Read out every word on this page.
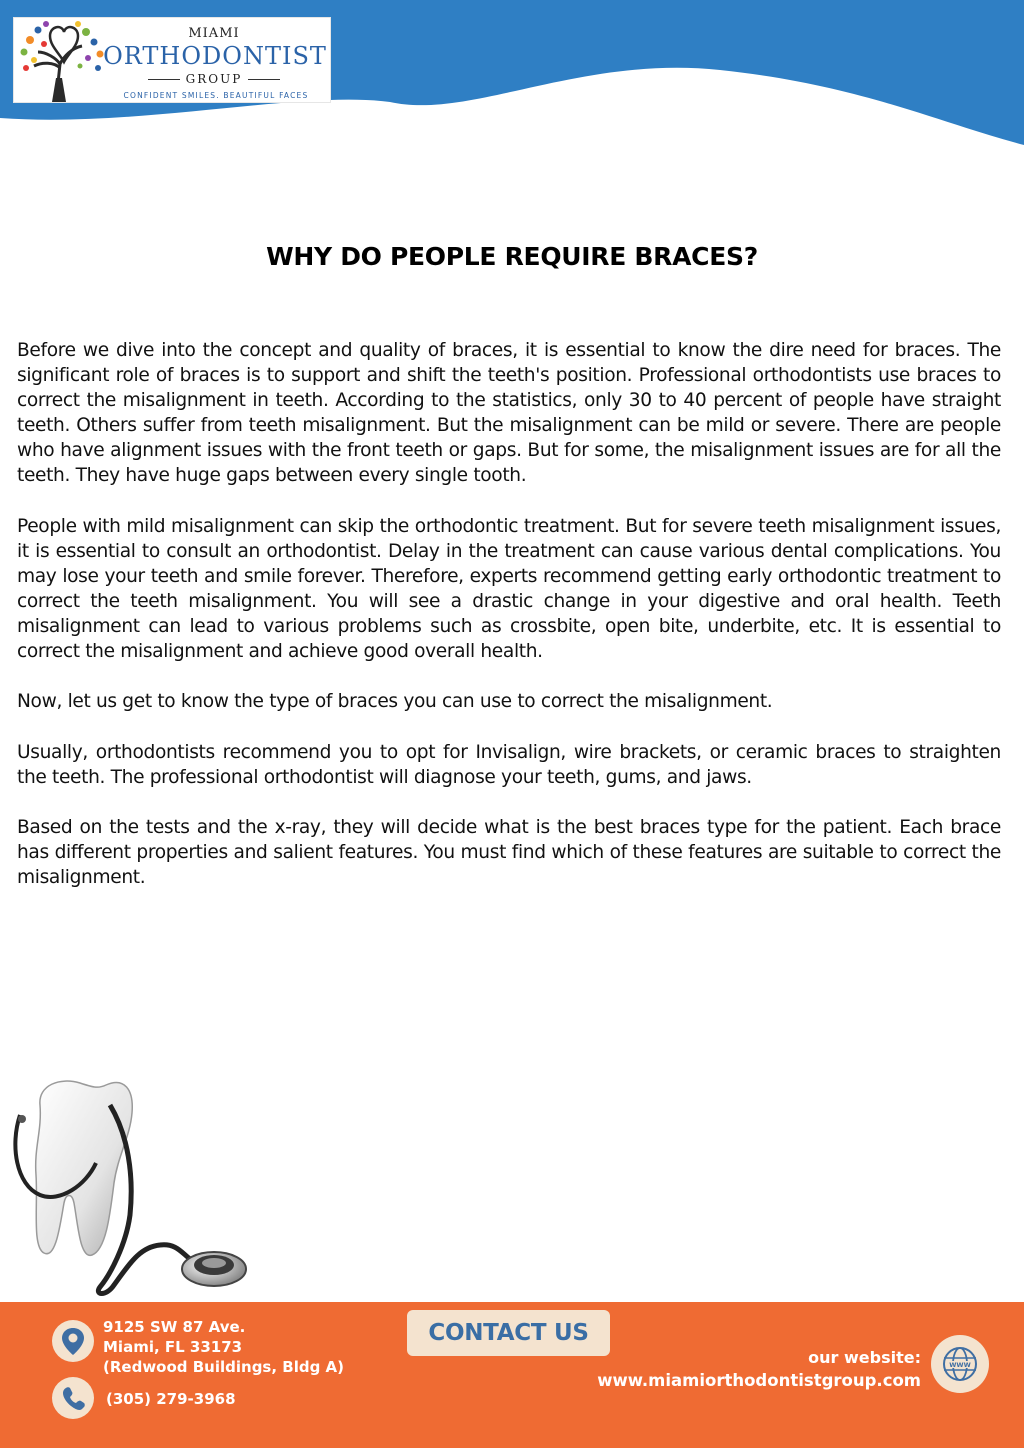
MIAMI
ORTHODONTIST
GROUP
CONFIDENT SMILES. BEAUTIFUL FACES
WHY DO PEOPLE REQUIRE BRACES?

Before we dive into the concept and quality of braces, it is essential to know the dire need for braces. The significant role of braces is to support and shift the teeth's position. Professional orthodontists use braces to correct the misalignment in teeth. According to the statistics, only 30 to 40 percent of people have straight teeth. Others suffer from teeth misalignment. But the misalignment can be mild or severe. There are people who have alignment issues with the front teeth or gaps. But for some, the misalignment issues are for all the teeth. They have huge gaps between every single tooth.

People with mild misalignment can skip the orthodontic treatment. But for severe teeth misalignment issues, it is essential to consult an orthodontist. Delay in the treatment can cause various dental complications. You may lose your teeth and smile forever. Therefore, experts recommend getting early orthodontic treatment to correct the teeth misalignment. You will see a drastic change in your digestive and oral health. Teeth misalignment can lead to various problems such as crossbite, open bite, underbite, etc. It is essential to correct the misalignment and achieve good overall health.

Now, let us get to know the type of braces you can use to correct the misalignment.

Usually, orthodontists recommend you to opt for Invisalign, wire brackets, or ceramic braces to straighten the teeth. The professional orthodontist will diagnose your teeth, gums, and jaws.

Based on the tests and the x-ray, they will decide what is the best braces type for the patient. Each brace has different properties and salient features. You must find which of these features are suitable to correct the misalignment.

9125 SW 87 Ave.
Miami, FL 33173
(Redwood Buildings, Bldg A)
(305) 279-3968
CONTACT US
our website:
www.miamiorthodontistgroup.com
WWW
